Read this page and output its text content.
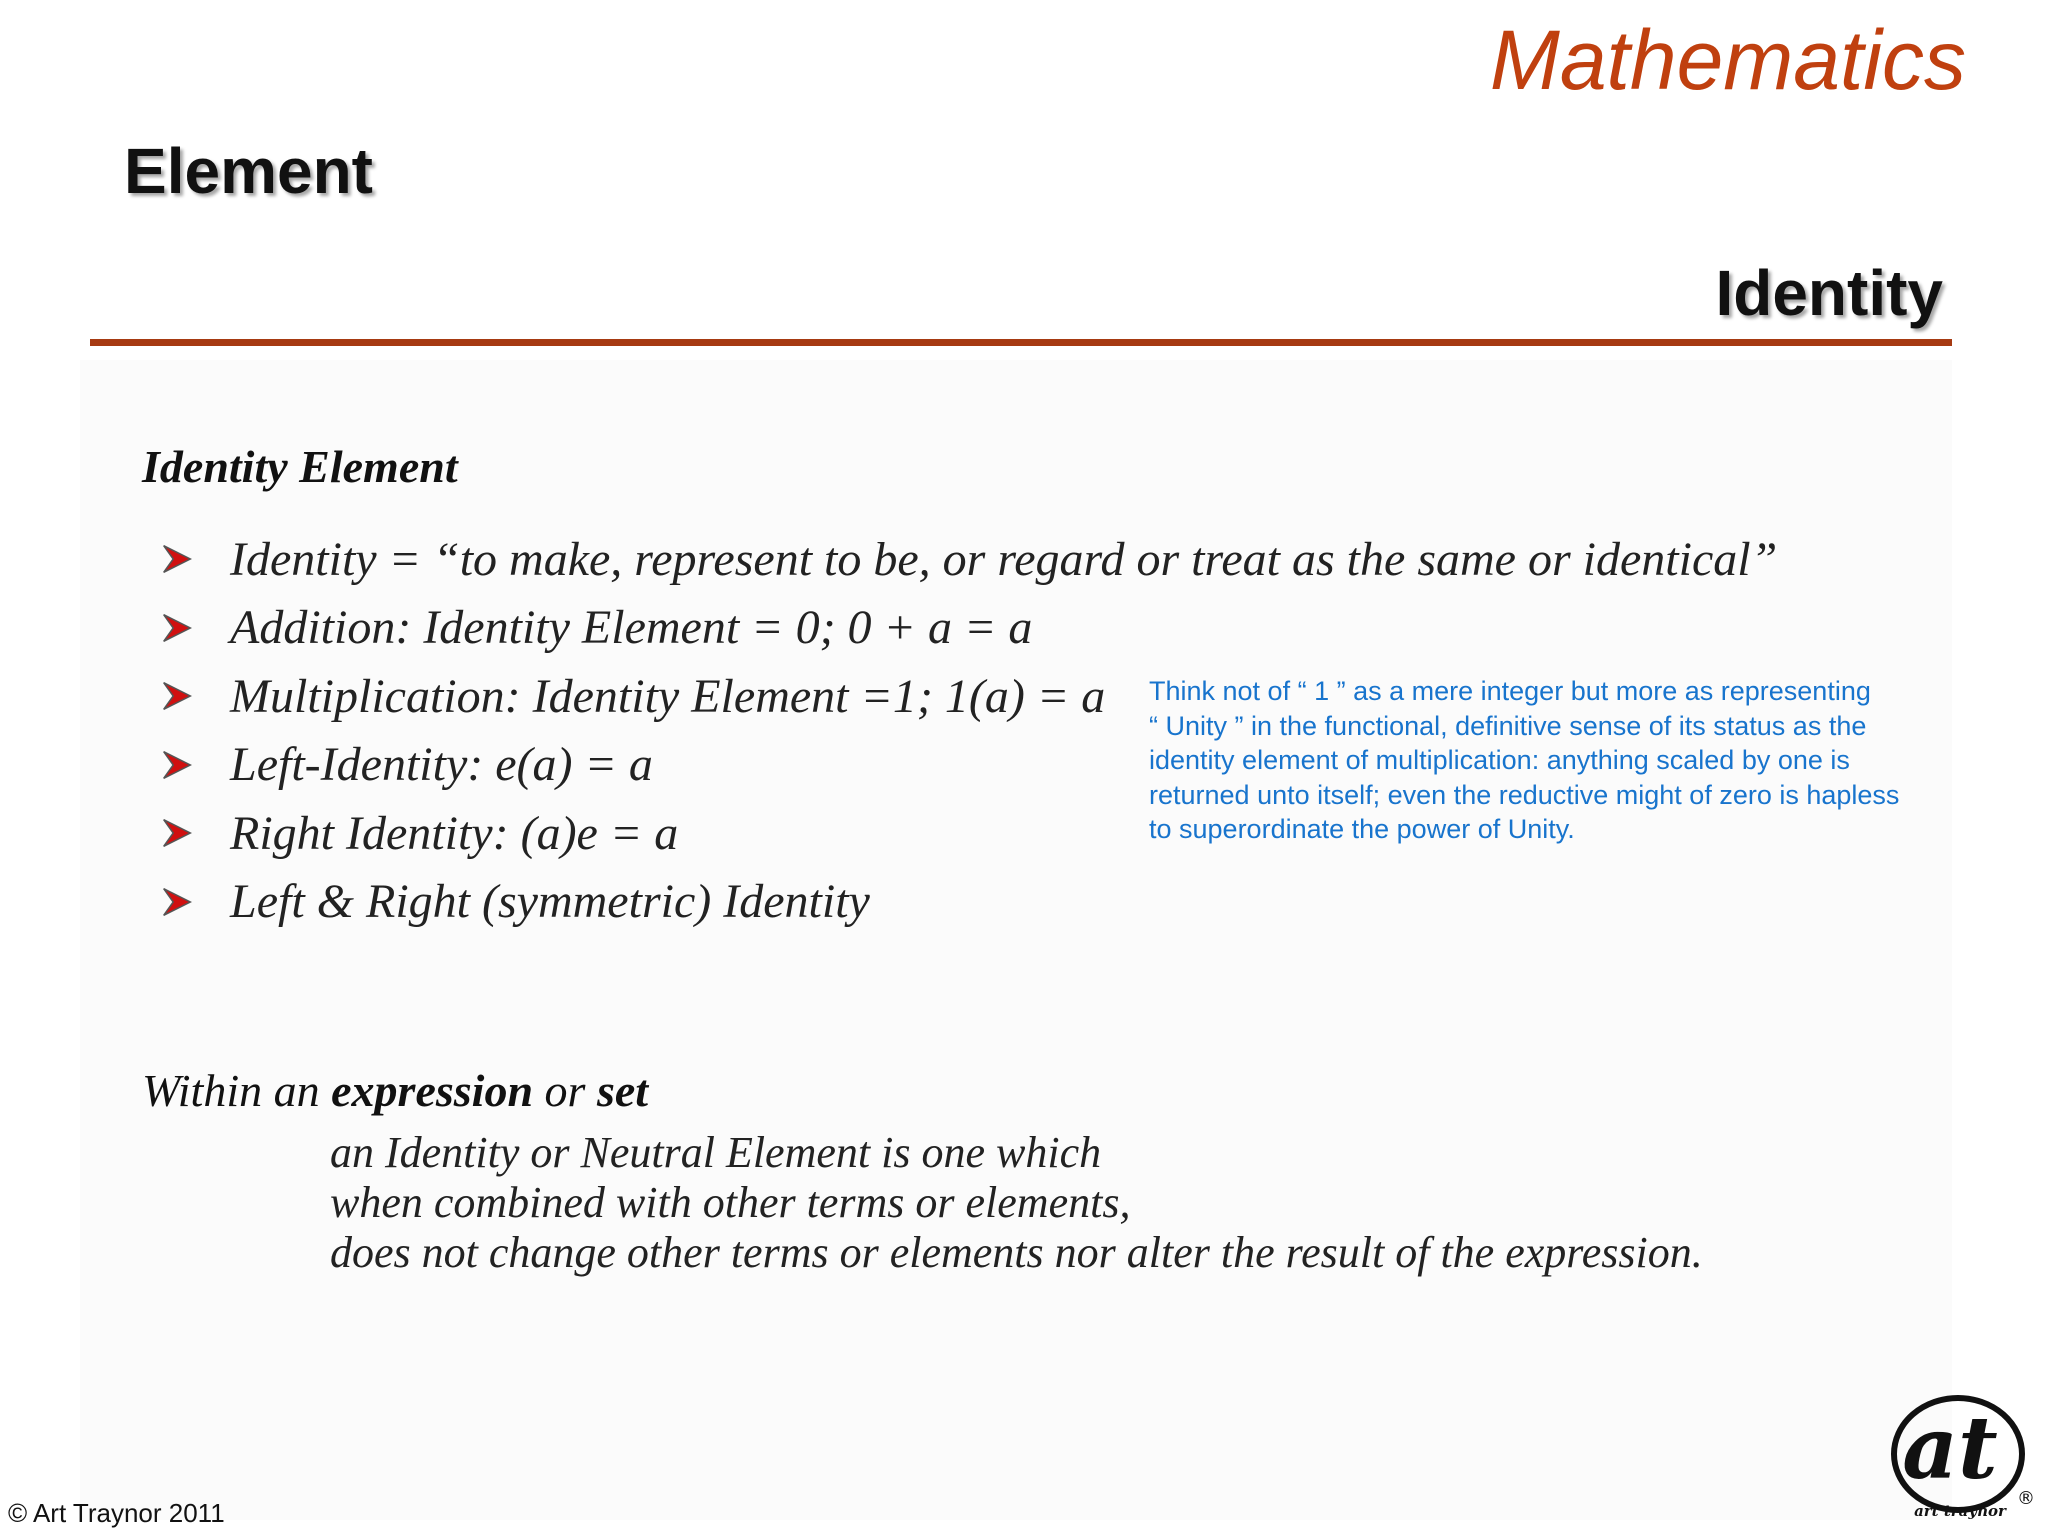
Mathematics
Element
Identity
Identity Element
Identity = “to make, represent to be, or regard or treat as the same or identical”
Addition: Identity Element = 0; 0 + a = a
Multiplication: Identity Element =1; 1(a) = a
Left-Identity: e(a) = a
Right Identity: (a)e = a
Left & Right (symmetric) Identity
Think not of “ 1 ” as a mere integer but more as representing
“ Unity ” in the functional, definitive sense of its status as the
identity element of multiplication: anything scaled by one is
returned unto itself; even the reductive might of zero is hapless
to superordinate the power of Unity.
Within an expression or set
an Identity or Neutral Element is one which
when combined with other terms or elements,
does not change other terms or elements nor alter the result of the expression.
© Art Traynor 2011
at
art traynor
®
